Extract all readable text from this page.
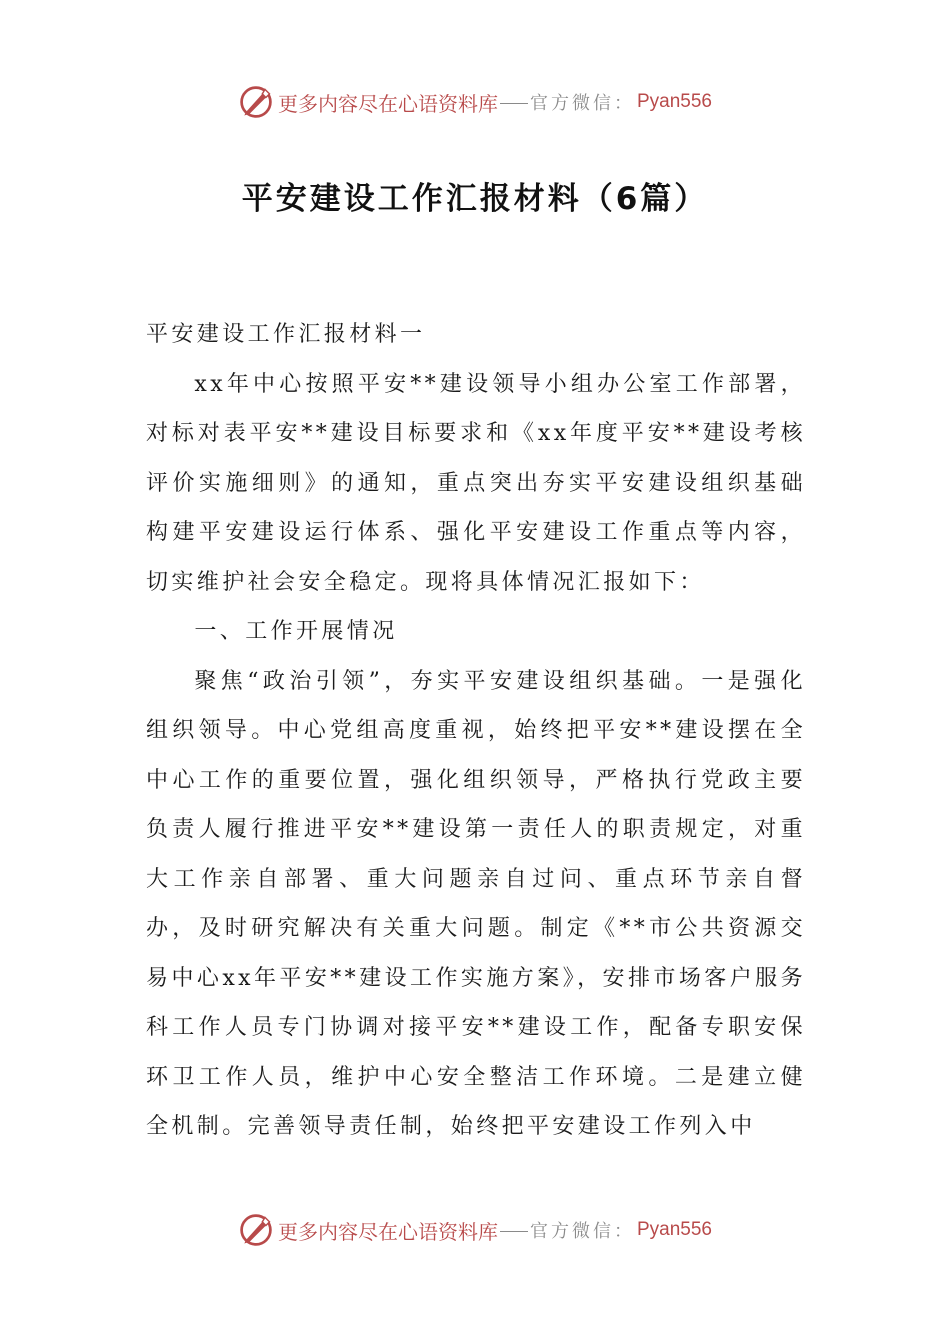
更多内容尽在心语资料库 官方微信： Pyan556
平安建设工作汇报材料（6篇）

平安建设工作汇报材料一

xx年中心按照平安**建设领导小组办公室工作部署，对标对表平安**建设目标要求和《xx年度平安**建设考核评价实施细则》的通知，重点突出夯实平安建设组织基础构建平安建设运行体系、强化平安建设工作重点等内容，切实维护社会安全稳定。现将具体情况汇报如下：

一、工作开展情况

聚焦“政治引领”，夯实平安建设组织基础。一是强化组织领导。中心党组高度重视，始终把平安**建设摆在全中心工作的重要位置，强化组织领导，严格执行党政主要负责人履行推进平安**建设第一责任人的职责规定，对重大工作亲自部署、重大问题亲自过问、重点环节亲自督办，及时研究解决有关重大问题。制定《**市公共资源交易中心xx年平安**建设工作实施方案》，安排市场客户服务科工作人员专门协调对接平安**建设工作，配备专职安保环卫工作人员，维护中心安全整洁工作环境。二是建立健全机制。完善领导责任制，始终把平安建设工作列入中

更多内容尽在心语资料库 官方微信： Pyan556
